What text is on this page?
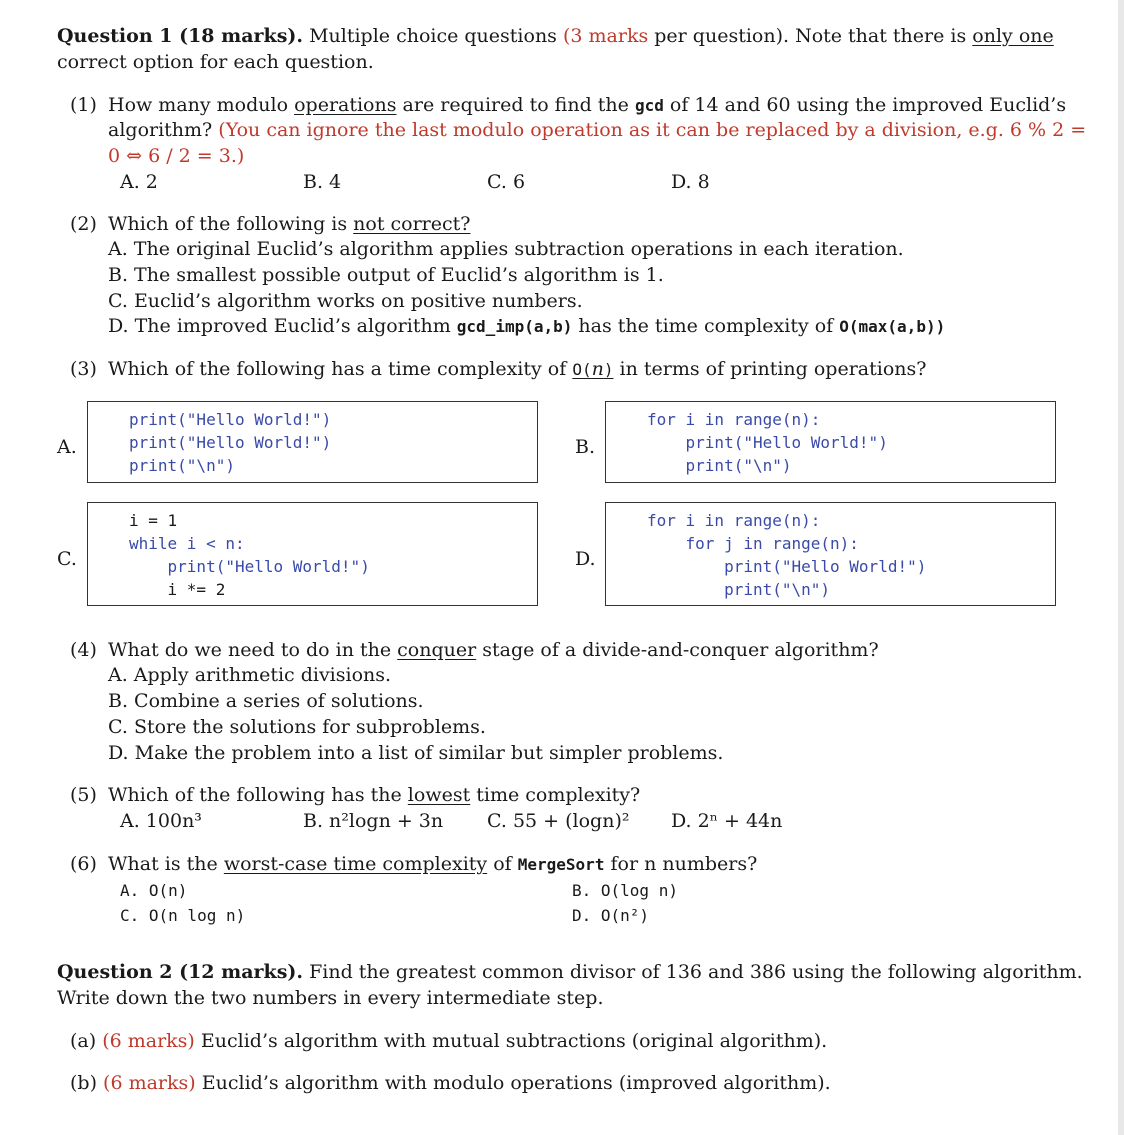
Question 1 (18 marks). Multiple choice questions (3 marks per question). Note that there is only one
correct option for each question.
(1) How many modulo operations are required to find the gcd of 14 and 60 using the improved Euclid’s
algorithm? (You can ignore the last modulo operation as it can be replaced by a division, e.g. 6 % 2 =
0 ⇔ 6 / 2 = 3.)
A. 2	B. 4	C. 6	D. 8
(2) Which of the following is not correct?
A. The original Euclid’s algorithm applies subtraction operations in each iteration.
B. The smallest possible output of Euclid’s algorithm is 1.
C. Euclid’s algorithm works on positive numbers.
D. The improved Euclid’s algorithm gcd_imp(a,b) has the time complexity of O(max(a,b))
(3) Which of the following has a time complexity of O(n) in terms of printing operations?
A.
print("Hello World!")
print("Hello World!")
print("\n")
B.
for i in range(n):
print("Hello World!")
print("\n")
C.
i = 1
while i < n:
print("Hello World!")
i *= 2
D.
for i in range(n):
for j in range(n):
print("Hello World!")
print("\n")
(4) What do we need to do in the conquer stage of a divide-and-conquer algorithm?
A. Apply arithmetic divisions.
B. Combine a series of solutions.
C. Store the solutions for subproblems.
D. Make the problem into a list of similar but simpler problems.
(5) Which of the following has the lowest time complexity?
A. 100n³	B. n²logn + 3n C. 55 + (logn)² D. 2ⁿ + 44n
(6) What is the worst-case time complexity of MergeSort for n numbers?
A. O(n)	B. O(log n)
C. O(n log n)	D. O(n²)
Question 2 (12 marks). Find the greatest common divisor of 136 and 386 using the following algorithm.
Write down the two numbers in every intermediate step.
(a) (6 marks) Euclid’s algorithm with mutual subtractions (original algorithm).
(b) (6 marks) Euclid’s algorithm with modulo operations (improved algorithm).
